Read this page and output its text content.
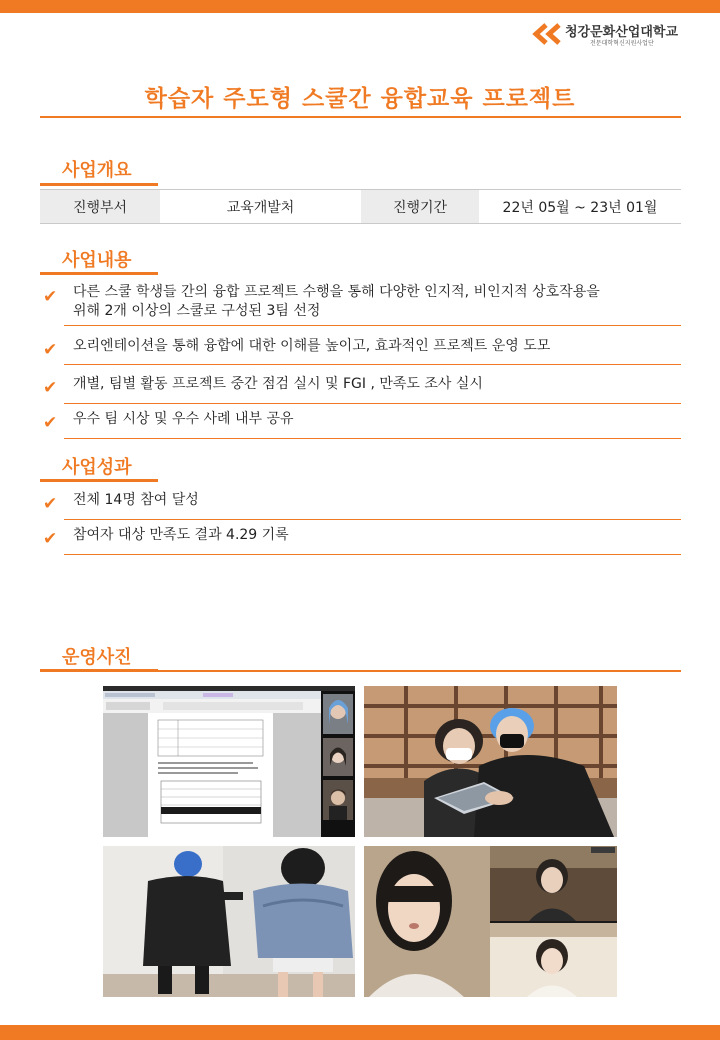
청강문화산업대학교
전문대학혁신지원사업단
학습자 주도형 스쿨간 융합교육 프로젝트
사업개요
진행부서	교육개발처	진행기간	22년 05월 ~ 23년 01월
사업내용
✔ 다른 스쿨 학생들 간의 융합 프로젝트 수행을 통해 다양한 인지적, 비인지적 상호작용을
위해 2개 이상의 스쿨로 구성된 3팀 선정
✔ 오리엔테이션을 통해 융합에 대한 이해를 높이고, 효과적인 프로젝트 운영 도모
✔ 개별, 팀별 활동 프로젝트 중간 점검 실시 및 FGI , 만족도 조사 실시
✔ 우수 팀 시상 및 우수 사례 내부 공유
사업성과
✔ 전체 14명 참여 달성
✔ 참여자 대상 만족도 결과 4.29 기록
운영사진
